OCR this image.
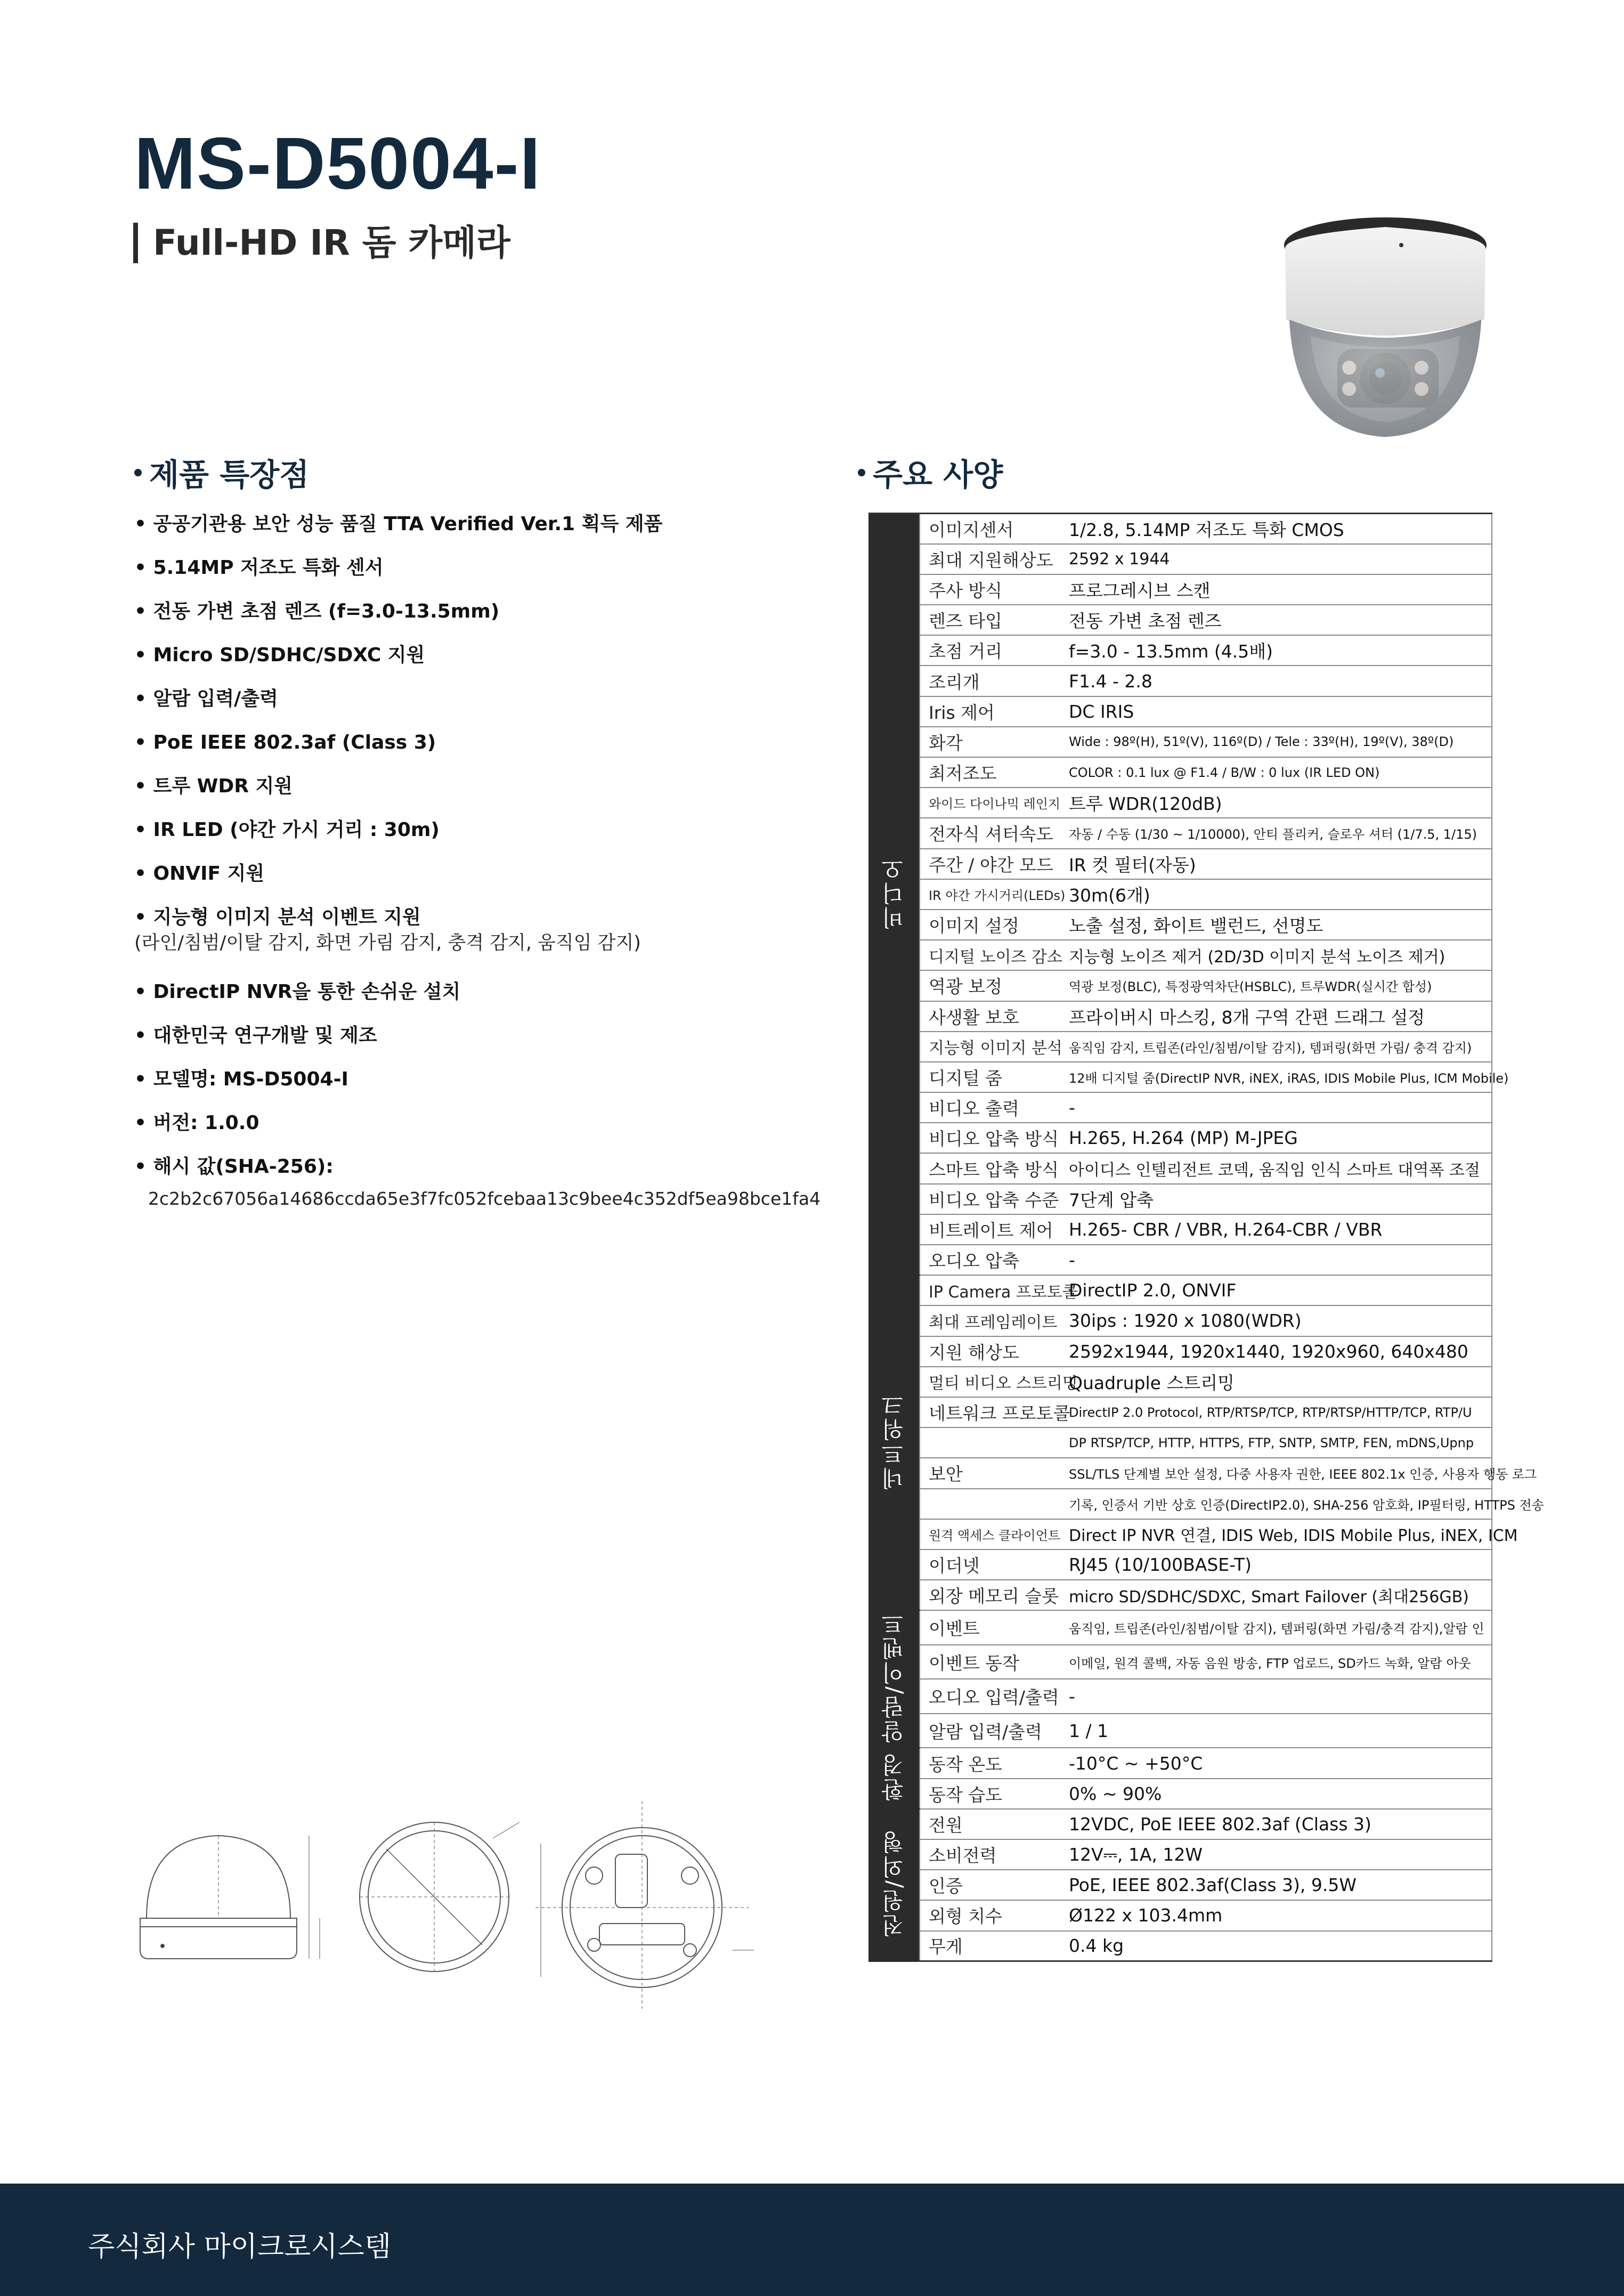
MS-D5004-I
Full-HD IR 돔 카메라
제품 특장점
• 공공기관용 보안 성능 품질 TTA Verified Ver.1 획득 제품
• 5.14MP 저조도 특화 센서
• 전동 가변 초점 렌즈 (f=3.0-13.5mm)
• Micro SD/SDHC/SDXC 지원
• 알람 입력/출력
• PoE IEEE 802.3af (Class 3)
• 트루 WDR 지원
• IR LED (야간 가시 거리 : 30m)
• ONVIF 지원
• 지능형 이미지 분석 이벤트 지원
(라인/침범/이탈 감지, 화면 가림 감지, 충격 감지, 움직임 감지)
• DirectIP NVR을 통한 손쉬운 설치
• 대한민국 연구개발 및 제조
• 모델명: MS-D5004-I
• 버전: 1.0.0
• 해시 값(SHA-256):
2c2b2c67056a14686ccda65e3f7fc052fcebaa13c9bee4c352df5ea98bce1fa4
주요 사양
비디오	이미지센서	1/2.8, 5.14MP 저조도 특화 CMOS
	최대 지원해상도	2592 x 1944
	주사 방식	프로그레시브 스캔
	렌즈 타입	전동 가변 초점 렌즈
	초점 거리	f=3.0 - 13.5mm (4.5배)
	조리개	F1.4 - 2.8
	Iris 제어	DC IRIS
	화각	Wide : 98º(H), 51º(V), 116º(D) / Tele : 33º(H), 19º(V), 38º(D)
	최저조도	COLOR : 0.1 lux @ F1.4 / B/W : 0 lux (IR LED ON)
	와이드 다이나믹 레인지	트루 WDR(120dB)
	전자식 셔터속도	자동 / 수동 (1/30 ~ 1/10000), 안티 플리커, 슬로우 셔터 (1/7.5, 1/15)
	주간 / 야간 모드	IR 컷 필터(자동)
	IR 야간 가시거리(LEDs)	30m(6개)
	이미지 설정	노출 설정, 화이트 밸런드, 선명도
	디지털 노이즈 감소	지능형 노이즈 제거 (2D/3D 이미지 분석 노이즈 제거)
	역광 보정	역광 보정(BLC), 특정광역차단(HSBLC), 트루WDR(실시간 합성)
	사생활 보호	프라이버시 마스킹, 8개 구역 간편 드래그 설정
	지능형 이미지 분석	움직임 감지, 트립존(라인/침범/이탈 감지), 템퍼링(화면 가림/ 충격 감지)
	디지털 줌	12배 디지털 줌(DirectIP NVR, iNEX, iRAS, IDIS Mobile Plus, ICM Mobile)
	비디오 출력	-
	비디오 압축 방식	H.265, H.264 (MP) M-JPEG
	스마트 압축 방식	아이디스 인텔리전트 코덱, 움직임 인식 스마트 대역폭 조절
	비디오 압축 수준	7단계 압축
	비트레이트 제어	H.265- CBR / VBR, H.264-CBR / VBR
	오디오 압축	-
네트워크	IP Camera 프로토콜	DirectIP 2.0, ONVIF
	최대 프레임레이트	30ips : 1920 x 1080(WDR)
	지원 해상도	2592x1944, 1920x1440, 1920x960, 640x480
	멀티 비디오 스트리밍	Quadruple 스트리밍
	네트워크 프로토콜	DirectIP 2.0 Protocol, RTP/RTSP/TCP, RTP/RTSP/HTTP/TCP, RTP/U
		DP RTSP/TCP, HTTP, HTTPS, FTP, SNTP, SMTP, FEN, mDNS,Upnp
	보안	SSL/TLS 단계별 보안 설정, 다중 사용자 권한, IEEE 802.1x 인증, 사용자 행동 로그
		기록, 인증서 기반 상호 인증(DirectIP2.0), SHA-256 암호화, IP필터링, HTTPS 전송
	원격 액세스 클라이언트	Direct IP NVR 연결, IDIS Web, IDIS Mobile Plus, iNEX, ICM
	이더넷	RJ45 (10/100BASE-T)
	외장 메모리 슬롯	micro SD/SDHC/SDXC, Smart Failover (최대256GB)
알람/이벤트	이벤트	움직임, 트립존(라인/침범/이탈 감지), 템퍼링(화면 가림/충격 감지),알람 인
	이벤트 동작	이메일, 원격 콜백, 자동 음원 방송, FTP 업로드, SD카드 녹화, 알람 아웃
	오디오 입력/출력	-
	알람 입력/출력	1 / 1
환경	동작 온도	-10°C ~ +50°C
	동작 습도	0% ~ 90%
전원/외형	전원	12VDC, PoE IEEE 802.3af (Class 3)
	소비전력	12V⎓, 1A, 12W
	인증	PoE, IEEE 802.3af(Class 3), 9.5W
	외형 치수	Ø122 x 103.4mm
	무게	0.4 kg
주식회사 마이크로시스템
